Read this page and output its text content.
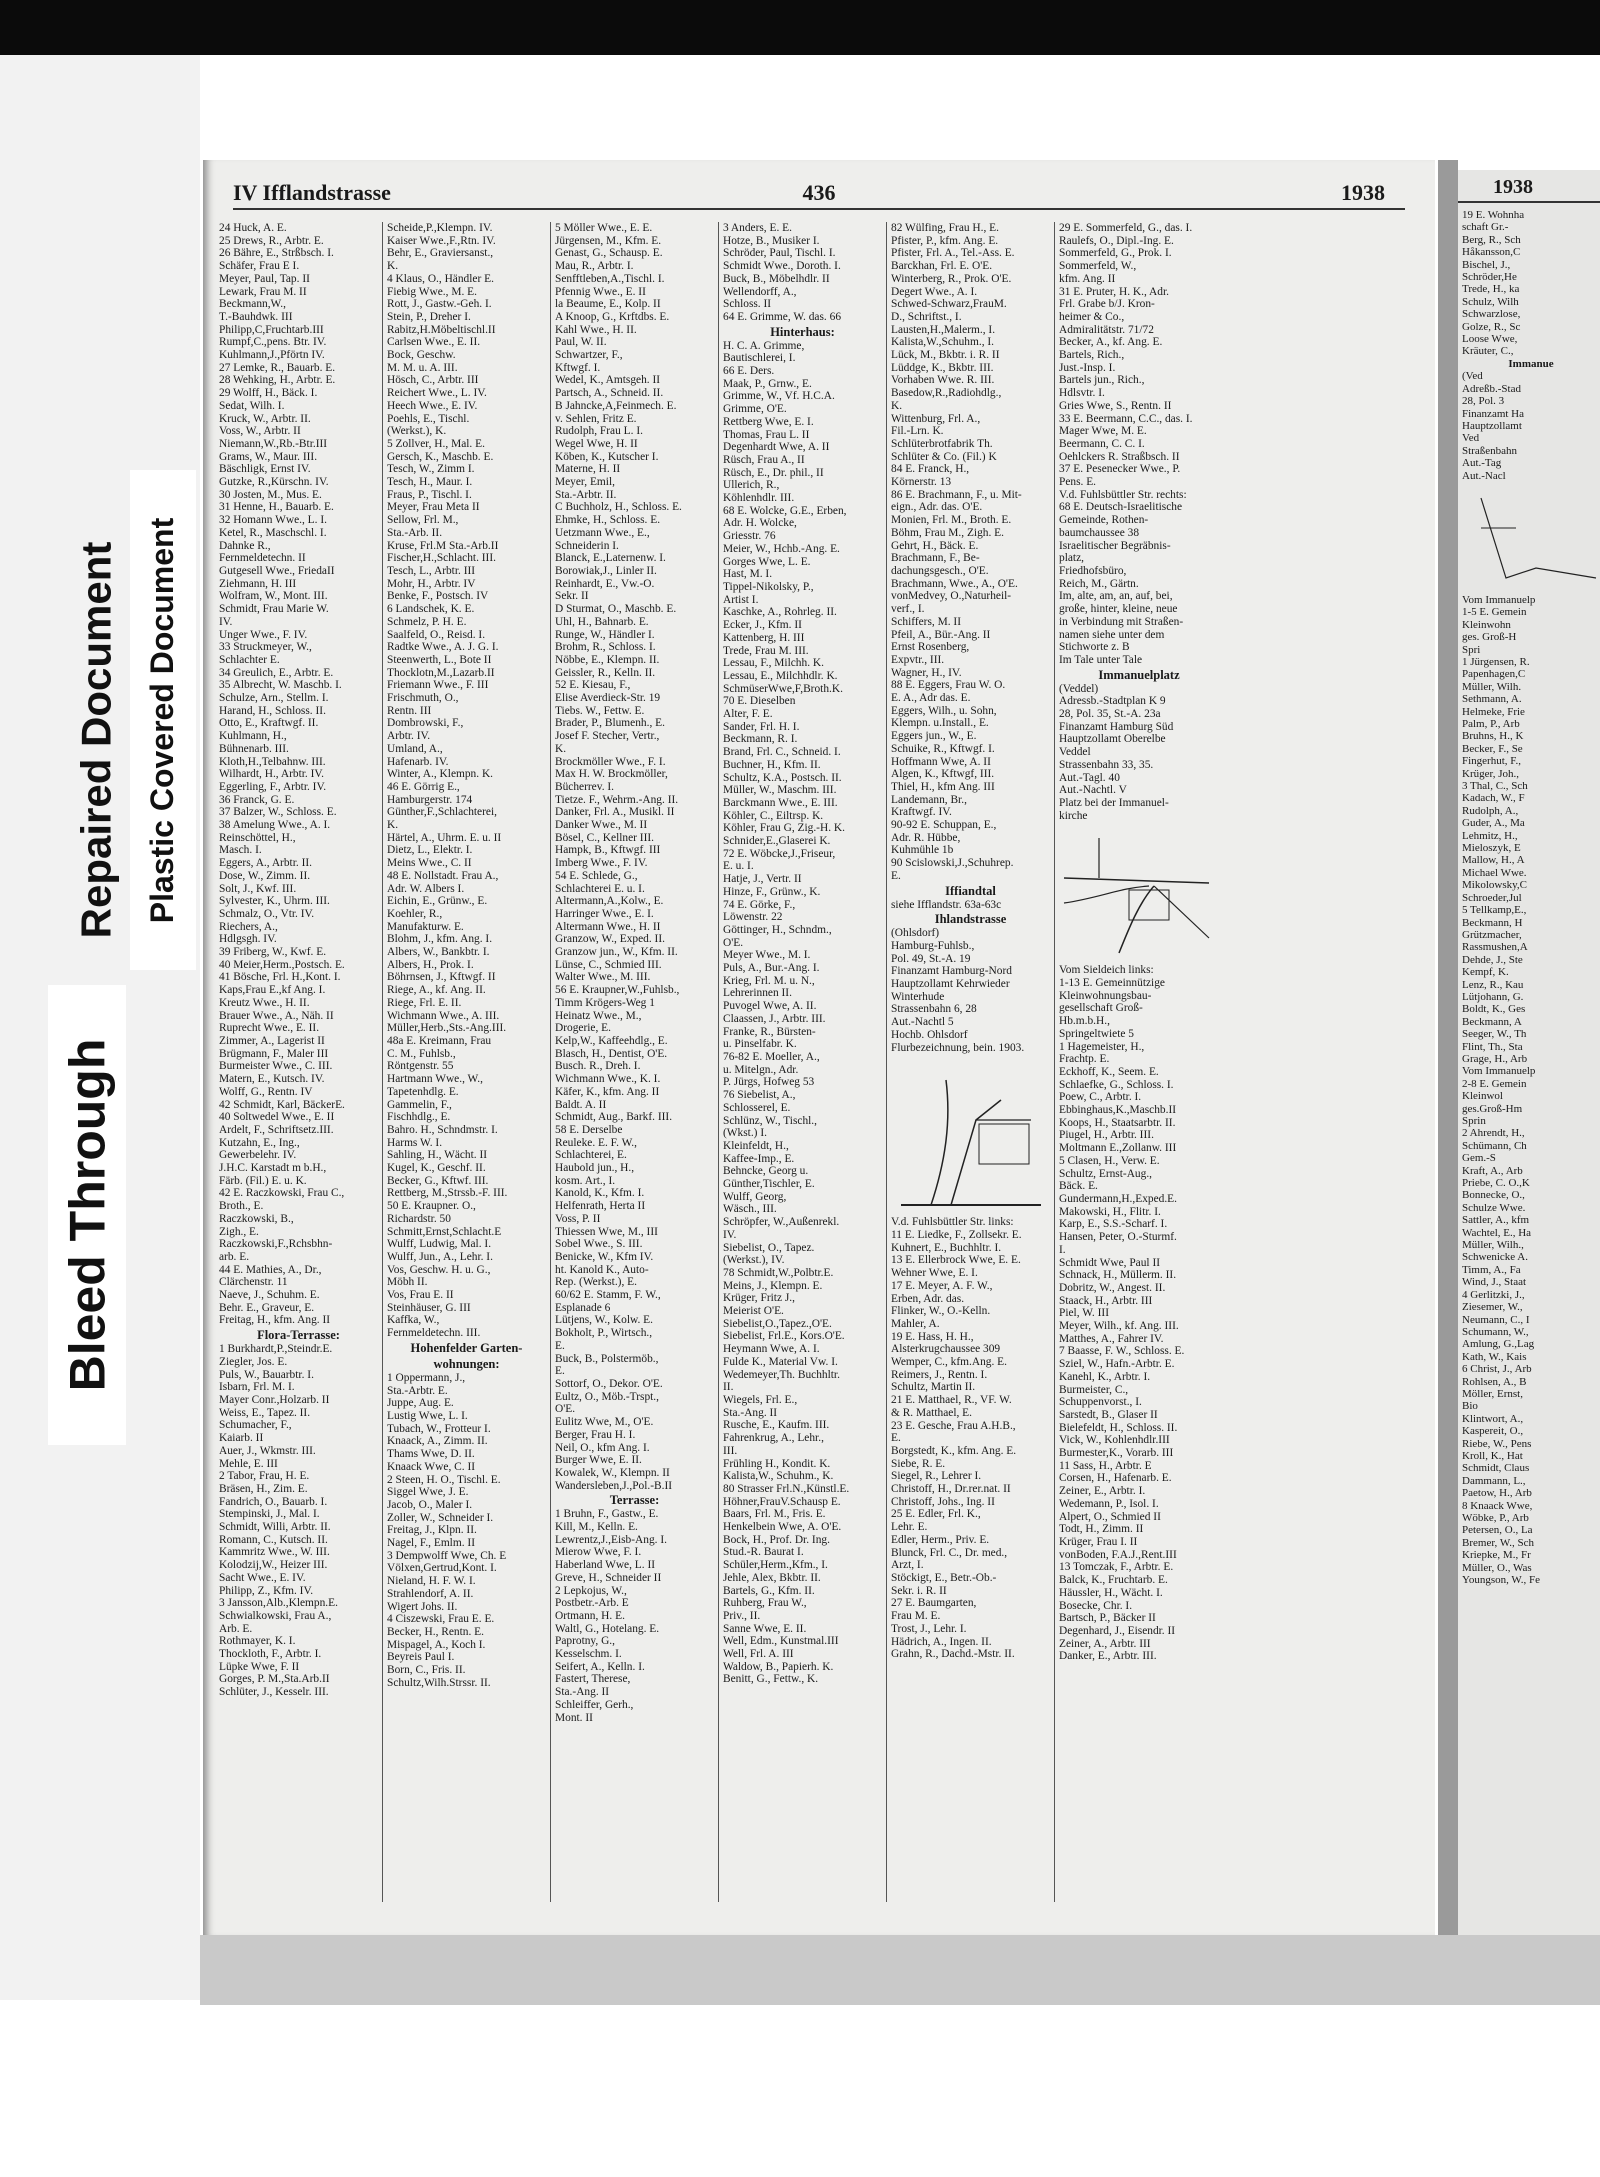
Bleed Through
Repaired Document Plastic Covered Document
IV Ifflandstrasse	436	1938
24 Huck, A. E.
25 Drews, R., Arbtr. E.
26 Bähre, E., Strßbsch. I.
Schäfer, Frau E I.
Meyer, Paul, Tap. II
Lewark, Frau M. II
Beckmann,W.,
T.-Bauhdwk. III
Philipp,C,Fruchtarb.III
Rumpf,C.,pens. Btr. IV.
Kuhlmann,J.,Pförtn IV.
27 Lemke, R., Bauarb. E.
28 Wehking, H., Arbtr. E.
29 Wolff, H., Bäck. I.
Sedat, Wilh. I.
Kruck, W., Arbtr. II.
Voss, W., Arbtr. II
Niemann,W.,Rb.-Btr.III
Grams, W., Maur. III.
Bäschligk, Ernst IV.
Gutzke, R.,Kürschn. IV.
30 Josten, M., Mus. E.
31 Henne, H., Bauarb. E.
32 Homann Wwe., L. I.
Ketel, R., Maschschl. I.
Dahnke R.,
Fernmeldetechn. II
Gutgesell Wwe., FriedaII
Ziehmann, H. III
Wolfram, W., Mont. III.
Schmidt, Frau Marie W.
IV.
Unger Wwe., F. IV.
33 Struckmeyer, W.,
Schlachter E.
34 Greulich, E., Arbtr. E.
35 Albrecht, W. Maschb. I.
Schulze, Arn., Stellm. I.
Harand, H., Schloss. II.
Otto, E., Kraftwgf. II.
Kuhlmann, H.,
Bühnenarb. III.
Kloth,H.,Telbahnw. III.
Wilhardt, H., Arbtr. IV.
Eggerling, F., Arbtr. IV.
36 Franck, G. E.
37 Balzer, W., Schloss. E.
38 Amelung Wwe., A. I.
Reinschöttel, H.,
Masch. I.
Eggers, A., Arbtr. II.
Dose, W., Zimm. II.
Solt, J., Kwf. III.
Sylvester, K., Uhrm. III.
Schmalz, O., Vtr. IV.
Riechers, A.,
Hdlgsgh. IV.
39 Friberg, W., Kwf. E.
40 Meier,Herm.,Postsch. E.
41 Bösche, Frl. H.,Kont. I.
Kaps,Frau E.,kf Ang. I.
Kreutz Wwe., H. II.
Brauer Wwe., A., Näh. II
Ruprecht Wwe., E. II.
Zimmer, A., Lagerist II
Brügmann, F., Maler III
Burmeister Wwe., C. III.
Matern, E., Kutsch. IV.
Wolff, G., Rentn. IV
42 Schmidt, Karl, BäckerE.
40 Soltwedel Wwe., E. II
Ardelt, F., Schriftsetz.III.
Kutzahn, E., Ing.,
Gewerbelehr. IV.
J.H.C. Karstadt m b.H.,
Färb. (Fil.) E. u. K.
42 E. Raczkowski, Frau C.,
Broth., E.
Raczkowski, B.,
Zigh., E.
Raczkowski,F.,Rchsbhn-
arb. E.
44 E. Mathies, A., Dr.,
Clärchenstr. 11
Naeve, J., Schuhm. E.
Behr. E., Graveur, E.
Freitag, H., kfm. Ang. II
Flora-Terrasse:
1 Burkhardt,P.,Steindr.E.
Ziegler, Jos. E.
Puls, W., Bauarbtr. I.
Isbarn, Frl. M. I.
Mayer Conr.,Holzarb. II
Weiss, E., Tapez. II.
Schumacher, F.,
Kaiarb. II
Auer, J., Wkmstr. III.
Mehle, E. III
2 Tabor, Frau, H. E.
Bräsen, H., Zim. E.
Fandrich, O., Bauarb. I.
Stempinski, J., Mal. I.
Schmidt, Willi, Arbtr. II.
Romann, C., Kutsch. II.
Kammritz Wwe., W. III.
Kolodzij,W., Heizer III.
Sacht Wwe., E. IV.
Philipp, Z., Kfm. IV.
3 Jansson,Alb.,Klempn.E.
Schwialkowski, Frau A.,
Arb. E.
Rothmayer, K. I.
Thockloth, F., Arbtr. I.
Lüpke Wwe, F. II
Gorges, P. M.,Sta.Arb.II
Schlüter, J., Kesselr. III.
Scheide,P.,Klempn. IV.
Kaiser Wwe.,F.,Rtn. IV.
Behr, E., Graviersanst.,
K.
4 Klaus, O., Händler E.
Fiebig Wwe., M. E.
Rott, J., Gastw.-Geh. I.
Stein, P., Dreher I.
Rabitz,H.Möbeltischl.II
Carlsen Wwe., E. II.
Bock, Geschw.
M. M. u. A. III.
Hösch, C., Arbtr. III
Reichert Wwe., L. IV.
Heech Wwe., E. IV.
Poehls, E., Tischl.
(Werkst.), K.
5 Zollver, H., Mal. E.
Gersch, K., Maschb. E.
Tesch, W., Zimm I.
Tesch, H., Maur. I.
Fraus, P., Tischl. I.
Meyer, Frau Meta II
Sellow, Frl. M.,
Sta.-Arb. II.
Kruse, Frl.M Sta.-Arb.II
Fischer,H.,Schlacht. III.
Tesch, L., Arbtr. III
Mohr, H., Arbtr. IV
Benke, F., Postsch. IV
6 Landschek, K. E.
Schmelz, P. H. E.
Saalfeld, O., Reisd. I.
Radtke Wwe., A. J. G. I.
Steenwerth, L., Bote II
Thocklotn,M.,Lazarb.II
Friemann Wwe., F. III
Frischmuth, O.,
Rentn. III
Dombrowski, F.,
Arbtr. IV.
Umland, A.,
Hafenarb. IV.
Winter, A., Klempn. K.
46 E. Görrig E.,
Hamburgerstr. 174
Günther,F.,Schlachterei,
K.
Härtel, A., Uhrm. E. u. II
Dietz, L., Elektr. I.
Meins Wwe., C. II
48 E. Nollstadt. Frau A.,
Adr. W. Albers I.
Eichin, E., Grünw., E.
Koehler, R.,
Manufakturw. E.
Blohm, J., kfm. Ang. I.
Albers, W., Bankbtr. I.
Albers, H., Prok. I.
Böhrnsen, J., Kftwgf. II
Riege, A., kf. Ang. II.
Riege, Frl. E. II.
Wichmann Wwe., A. III.
Müller,Herb.,Sts.-Ang.III.
48a E. Kreimann, Frau
C. M., Fuhlsb.,
Röntgenstr. 55
Hartmann Wwe., W.,
Tapetenhdlg. E.
Gammelin, F.,
Fischhdlg., E.
Bahro. H., Schndmstr. I.
Harms W. I.
Sahling, H., Wächt. II
Kugel, K., Geschf. II.
Becker, G., Kftwf. III.
Rettberg, M.,Strssb.-F. III.
50 E. Kraupner. O.,
Richardstr. 50
Schmitt,Ernst,Schlacht.E
Wulff, Ludwig, Mal. I.
Wulff, Jun., A., Lehr. I.
Vos, Geschw. H. u. G.,
Möbh II.
Vos, Frau E. II
Steinhäuser, G. III
Kaffka, W.,
Fernmeldetechn. III.
Hohenfelder Garten-
wohnungen:
1 Oppermann, J.,
Sta.-Arbtr. E.
Juppe, Aug. E.
Lustig Wwe, L. I.
Tubach, W., Frotteur I.
Knaack, A., Zimm. II.
Thams Wwe, D. II.
Knaack Wwe, C. II
2 Steen, H. O., Tischl. E.
Siggel Wwe, J. E.
Jacob, O., Maler I.
Zoller, W., Schneider I.
Freitag, J., Klpn. II.
Nagel, F., Emlm. II
3 Dempwolff Wwe, Ch. E
Völxen,Gertrud,Kont. I.
Nieland, H. F. W. I.
Strahlendorf, A. II.
Wigert Johs. II.
4 Ciszewski, Frau E. E.
Becker, H., Rentn. E.
Mispagel, A., Koch I.
Beyreis Paul I.
Born, C., Fris. II.
Schultz,Wilh.Strssr. II.
5 Möller Wwe., E. E.
Jürgensen, M., Kfm. E.
Genast, G., Schausp. E.
Mau, R., Arbtr. I.
Senfftleben,A.,Tischl. I.
Pfennig Wwe., E. II
la Beaume, E., Kolp. II
A Knoop, G., Krftdbs. E.
Kahl Wwe., H. II.
Paul, W. II.
Schwartzer, F.,
Kftwgf. I.
Wedel, K., Amtsgeh. II
Partsch, A., Schneid. II.
B Jahncke,A,Feinmech. E.
v. Sehlen, Fritz E.
Rudolph, Frau L. I.
Wegel Wwe, H. II
Köben, K., Kutscher I.
Materne, H. II
Meyer, Emil,
Sta.-Arbtr. II.
C Buchholz, H., Schloss. E.
Ehmke, H., Schloss. E.
Uetzmann Wwe., E.,
Schneiderin I.
Blanck, E.,Laternenw. I.
Borowiak,J., Linler II.
Reinhardt, E., Vw.-O.
Sekr. II
D Sturmat, O., Maschb. E.
Uhl, H., Bahnarb. E.
Runge, W., Händler I.
Brohm, R., Schloss. I.
Nöbbe, E., Klempn. II.
Geissler, R., Kelln. II.
52 E. Kiesau, F.,
Elise Averdieck-Str. 19
Tiebs. W., Fettw. E.
Brader, P., Blumenh., E.
Josef F. Stecher, Vertr.,
K.
Brockmöller Wwe., F. I.
Max H. W. Brockmöller,
Bücherrev. I.
Tietze. F., Wehrm.-Ang. II.
Danker, Frl. A., Musikl. II
Danker Wwe., M. II
Bösel, C., Kellner III.
Hampk, B., Kftwgf. III
Imberg Wwe., F. IV.
54 E. Schlede, G.,
Schlachterei E. u. I.
Altermann,A.,Kolw., E.
Harringer Wwe., E. I.
Altermann Wwe., H. II
Granzow, W., Exped. II.
Granzow jun., W., Kfm. II.
Lünse, C., Schmied III.
Walter Wwe., M. III.
56 E. Kraupner,W.,Fuhlsb.,
Timm Krögers-Weg 1
Heinatz Wwe., M.,
Drogerie, E.
Kelp,W., Kaffeehdlg., E.
Blasch, H., Dentist, O'E.
Busch. R., Dreh. I.
Wichmann Wwe., K. I.
Käfer, K., kfm. Ang. II
Baldt. A. II
Schmidt, Aug., Barkf. III.
58 E. Derselbe
Reuleke. E. F. W.,
Schlachterei, E.
Haubold jun., H.,
kosm. Art., I.
Kanold, K., Kfm. I.
Helfenrath, Herta II
Voss, P. II
Thiessen Wwe, M., III
Sobel Wwe., S. III.
Benicke, W., Kfm IV.
ht. Kanold K., Auto-
Rep. (Werkst.), E.
60/62 E. Stamm, F. W.,
Esplanade 6
Lütjens, W., Kolw. E.
Bokholt, P., Wirtsch.,
E.
Buck, B., Polstermöb.,
E.
Sottorf, O., Dekor. O'E.
Eultz, O., Möb.-Trspt.,
O'E.
Eulitz Wwe, M., O'E.
Berger, Frau H. I.
Neil, O., kfm Ang. I.
Burger Wwe, E. II.
Kowalek, W., Klempn. II
Wandersleben,J.,Pol.-B.II
Terrasse:
1 Bruhn, F., Gastw., E.
Kill, M., Kelln. E.
Lewrentz,J.,Eisb-Ang. I.
Mierow Wwe, F. I.
Haberland Wwe, L. II
Greve, H., Schneider II
2 Lepkojus, W.,
Postbetr.-Arb. E
Ortmann, H. E.
Waltl, G., Hotelang. E.
Paprotny, G.,
Kesselschm. I.
Seifert, A., Kelln. I.
Fastert, Therese,
Sta.-Ang. II
Schleiffer, Gerh.,
Mont. II
3 Anders, E. E.
Hotze, B., Musiker I.
Schröder, Paul, Tischl. I.
Schmidt Wwe., Doroth. I.
Buck, B., Möbelhdlr. II
Wellendorff, A.,
Schloss. II
64 E. Grimme, W. das. 66
Hinterhaus:
H. C. A. Grimme,
Bautischlerei, I.
66 E. Ders.
Maak, P., Grnw., E.
Grimme, W., Vf. H.C.A.
Grimme, O'E.
Rettberg Wwe, E. I.
Thomas, Frau L. II
Degenhardt Wwe, A. II
Rüsch, Frau A., II
Rüsch, E., Dr. phil., II
Ullerich, R.,
Köhlenhdlr. III.
68 E. Wolcke, G.E., Erben,
Adr. H. Wolcke,
Griesstr. 76
Meier, W., Hchb.-Ang. E.
Gorges Wwe, L. E.
Hast, M. I.
Tippel-Nikolsky, P.,
Artist I.
Kaschke, A., Rohrleg. II.
Ecker, J., Kfm. II
Kattenberg, H. III
Trede, Frau M. III.
Lessau, F., Milchh. K.
Lessau, E., Milchhdlr. K.
SchmüserWwe,F,Broth.K.
70 E. Dieselben
Alter, F. E.
Sander, Frl. H. I.
Beckmann, R. I.
Brand, Frl. C., Schneid. I.
Buchner, H., Kfm. II.
Schultz, K.A., Postsch. II.
Müller, W., Maschm. III.
Barckmann Wwe., E. III.
Köhler, C., Eiltrsp. K.
Köhler, Frau G, Zig.-H. K.
Schnider,E.,Glaserei K.
72 E. Wöbcke,J.,Friseur,
E. u. I.
Hatje, J., Vertr. II
Hinze, F., Grünw., K.
74 E. Görke, F.,
Löwenstr. 22
Göttinger, H., Schndm.,
O'E.
Meyer Wwe., M. I.
Puls, A., Bur.-Ang. I.
Krieg, Frl. M. u. N.,
Lehrerinnen II.
Puvogel Wwe, A. II.
Claassen, J., Arbtr. III.
Franke, R., Bürsten-
u. Pinselfabr. K.
76-82 E. Moeller, A.,
u. Mitelgn., Adr.
P. Jürgs, Hofweg 53
76 Siebelist, A.,
Schlosserel, E.
Schlünz, W., Tischl.,
(Wkst.) I.
Kleinfeldt, H.,
Kaffee-Imp., E.
Behncke, Georg u.
Günther,Tischler, E.
Wulff, Georg,
Wäsch., III.
Schröpfer, W.,Außenrekl.
IV.
Siebelist, O., Tapez.
(Werkst.), IV.
78 Schmidt,W.,Polbtr.E.
Meins, J., Klempn. E.
Krüger, Fritz J.,
Meierist O'E.
Siebelist,O.,Tapez.,O'E.
Siebelist, Frl.E., Kors.O'E.
Heymann Wwe, A. I.
Fulde K., Material Vw. I.
Wedemeyer,Th. Buchhltr.
II.
Wiegels, Frl. E.,
Sta.-Ang. II
Rusche, E., Kaufm. III.
Fahrenkrug, A., Lehr.,
III.
Frühling H., Kondit. K.
Kalista,W., Schuhm., K.
80 Strasser Frl.N.,Künstl.E.
Höhner,FrauV.Schausp E.
Baars, Frl. M., Fris. E.
Henkelbein Wwe, A. O'E.
Bock, H., Prof. Dr. Ing.
Stud.-R. Baurat I.
Schüler,Herm.,Kfm., I.
Jehle, Alex, Bkbtr. II.
Bartels, G., Kfm. II.
Ruhberg, Frau W.,
Priv., II.
Sanne Wwe, E. II.
Well, Edm., Kunstmal.III
Well, Frl. A. III
Waldow, B., Papierh. K.
Benitt, G., Fettw., K.
82 Wülfing, Frau H., E.
Pfister, P., kfm. Ang. E.
Pfister, Frl. A., Tel.-Ass. E.
Barckhan, Frl. E. O'E.
Winterberg, R., Prok. O'E.
Degert Wwe., A. I.
Schwed-Schwarz,FrauM.
D., Schriftst., I.
Lausten,H.,Malerm., I.
Kalista,W.,Schuhm., I.
Lück, M., Bkbtr. i. R. II
Lüddge, K., Bkbtr. III.
Vorhaben Wwe. R. III.
Basedow,R.,Radiohdlg.,
K.
Wittenburg, Frl. A.,
Fil.-Lrn. K.
Schlüterbrotfabrik Th.
Schlüter & Co. (Fil.) K
84 E. Franck, H.,
Körnerstr. 13
86 E. Brachmann, F., u. Mit-
eign., Adr. das. O'E.
Monien, Frl. M., Broth. E.
Böhm, Frau M., Zigh. E.
Gehrt, H., Bäck. E.
Brachmann, F., Be-
dachungsgesch., O'E.
Brachmann, Wwe., A., O'E.
vonMedvey, O.,Naturheil-
verf., I.
Schiffers, M. II
Pfeil, A., Bür.-Ang. II
Ernst Rosenberg,
Expvtr., III.
Wagner, H., IV.
88 E. Eggers, Frau W. O.
E. A., Adr das. E.
Eggers, Wilh., u. Sohn,
Klempn. u.Install., E.
Eggers jun., W., E.
Schuike, R., Kftwgf. I.
Hoffmann Wwe, A. II
Algen, K., Kftwgf, III.
Thiel, H., kfm Ang. III
Landemann, Br.,
Kraftwgf. IV.
90-92 E. Schuppan, E.,
Adr. R. Hübbe,
Kuhmühle 1b
90 Scislowski,J.,Schuhrep.
E.
Iffiandtal
siehe Ifflandstr. 63a-63c
Ihlandstrasse
(Ohlsdorf)
Hamburg-Fuhlsb.,
Pol. 49, St.-A. 19
Finanzamt Hamburg-Nord
Hauptzollamt Kehrwieder
Winterhude
Strassenbahn 6, 28
Aut.-Nachtl 5
Hochb. Ohlsdorf
Flurbezeichnung, bein. 1903.
V.d. Fuhlsbüttler Str. links:
11 E. Liedke, F., Zollsekr. E.
Kuhnert, E., Buchhltr. I.
13 E. Ellerbrock Wwe, E. E.
Wehner Wwe, E. I.
17 E. Meyer, A. F. W.,
Erben, Adr. das.
Flinker, W., O.-Kelln.
Mahler, A.
19 E. Hass, H. H.,
Alsterkrugchaussee 309
Wemper, C., kfm.Ang. E.
Reimers, J., Rentn. I.
Schultz, Martin II.
21 E. Matthael, R., VF. W.
& R. Matthael, E.
23 E. Gesche, Frau A.H.B.,
E.
Borgstedt, K., kfm. Ang. E.
Siebe, R. E.
Siegel, R., Lehrer I.
Christoff, H., Dr.rer.nat. II
Christoff, Johs., Ing. II
25 E. Edler, Frl. K.,
Lehr. E.
Edler, Herm., Priv. E.
Blunck, Frl. C., Dr. med.,
Arzt, I.
Stöckigt, E., Betr.-Ob.-
Sekr. i. R. II
27 E. Baumgarten,
Frau M. E.
Trost, J., Lehr. I.
Hädrich, A., Ingen. II.
Grahn, R., Dachd.-Mstr. II.
29 E. Sommerfeld, G., das. I.
Raulefs, O., Dipl.-Ing. E.
Sommerfeld, G., Prok. I.
Sommerfeld, W.,
kfm. Ang. II
31 E. Pruter, H. K., Adr.
Frl. Grabe b/J. Kron-
heimer & Co.,
Admiralitätstr. 71/72
Becker, A., kf. Ang. E.
Bartels, Rich.,
Just.-Insp. I.
Bartels jun., Rich.,
Hdlsvtr. I.
Gries Wwe, S., Rentn. II
33 E. Beermann, C.C., das. I.
Mager Wwe, M. E.
Beermann, C. C. I.
Oehlckers R. Straßbsch. II
37 E. Pesenecker Wwe., P.
Pens. E.
V.d. Fuhlsbüttler Str. rechts:
68 E. Deutsch-Israelitische
Gemeinde, Rothen-
baumchaussee 38
Israelitischer Begräbnis-
platz,
Friedhofsbüro,
Reich, M., Gärtn.
Im, alte, am, an, auf, bei,
große, hinter, kleine, neue
in Verbindung mit Straßen-
namen siehe unter dem
Stichworte z. B
Im Tale unter Tale
Immanuelplatz
(Veddel)
Adressb.-Stadtplan K 9
28, Pol. 35, St.-A. 23a
Finanzamt Hamburg Süd
Hauptzollamt Oberelbe
Veddel
Strassenbahn 33, 35.
Aut.-Tagl. 40
Aut.-Nachtl. V
Platz bei der Immanuel-
kirche
Vom Sieldeich links:
1-13 E. Gemeinnützige
Kleinwohnungsbau-
gesellschaft Groß-
Hb.m.b.H.,
Springeltwiete 5
1 Hagemeister, H.,
Frachtp. E.
Eckhoff, K., Seem. E.
Schlaefke, G., Schloss. I.
Poew, C., Arbtr. I.
Ebbinghaus,K.,Maschb.II
Koops, H., Staatsarbtr. II.
Piugel, H., Arbtr. III.
Moltmann E.,Zollanw. III
5 Clasen, H., Verw. E.
Schultz, Ernst-Aug.,
Bäck. E.
Gundermann,H.,Exped.E.
Makowski, H., Flitr. I.
Karp, E., S.S.-Scharf. I.
Hansen, Peter, O.-Sturmf.
I.
Schmidt Wwe, Paul II
Schnack, H., Müllerm. II.
Dobritz, W., Angest. II.
Staack, H., Arbtr. III
Piel, W. III
Meyer, Wilh., kf. Ang. III.
Matthes, A., Fahrer IV.
7 Baasse, F. W., Schloss. E.
Sziel, W., Hafn.-Arbtr. E.
Kanehl, K., Arbtr. I.
Burmeister, C.,
Schuppenvorst., I.
Sarstedt, B., Glaser II
Bielefeldt, H., Schloss. II.
Vick, W., Kohlenhdlr.III
Burmester,K., Vorarb. III
11 Sass, H., Arbtr. E
Corsen, H., Hafenarb. E.
Zeiner, E., Arbtr. I.
Wedemann, P., Isol. I.
Alpert, O., Schmied II
Todt, H., Zimm. II
Krüger, Frau I. II
vonBoden, F.A.J.,Rent.III
13 Tomczak, F., Arbtr. E.
Balck, K., Fruchtarb. E.
Häussler, H., Wächt. I.
Bosecke, Chr. I.
Bartsch, P., Bäcker II
Degenhard, J., Eisendr. II
Zeiner, A., Arbtr. III
Danker, E., Arbtr. III.
1938
19 E. Wohnha
schaft Gr.-
Berg, R., Sch
Håkansson,C
Bischel, J.,
Schröder,He
Trede, H., ka
Schulz, Wilh
Schwarzlose,
Golze, R., Sc
Loose Wwe,
Kräuter, C.,
Immanue
(Ved
Adreßb.-Stad
28, Pol. 3
Finanzamt Ha
Hauptzollamt
Ved
Straßenbahn
Aut.-Tag
Aut.-Nacl
Vom Immanuelp
1-5 E. Gemein
Kleinwohn
ges. Groß-H
Spri
1 Jürgensen, R.
Papenhagen,C
Müller, Wilh.
Sethmann, A.
Helmeke, Frie
Palm, P., Arb
Bruhns, H., K
Becker, F., Se
Fingerhut, F.,
Krüger, Joh.,
3 Thal, C., Sch
Kadach, W., F
Rudolph, A.,
Guder, A., Ma
Lehmitz, H.,
Mieloszyk, E
Mallow, H., A
Michael Wwe.
Mikolowsky,C
Schroeder,Jul
5 Tellkamp,E.,
Beckmann, H
Grützmacher,
Rassmushen,A
Dehde, J., Ste
Kempf, K.
Lenz, R., Kau
Lütjohann, G.
Boldt, K., Ges
Beckmann, A
Seeger, W., Th
Flint, Th., Sta
Grage, H., Arb
Vom Immanuelp
2-8 E. Gemein
Kleinwol
ges.Groß-Hm
Sprin
2 Ahrendt, H.,
Schümann, Ch
Gem.-S
Kraft, A., Arb
Priebe, C. O.,K
Bonnecke, O.,
Schulze Wwe.
Sattler, A., kfm
Wachtel, E., Ha
Müller, Wilh.,
Schwenicke A.
Timm, A., Fa
Wind, J., Staat
4 Gerlitzki, J.,
Ziesemer, W.,
Neumann, C., I
Schumann, W.,
Amlung, G.,Lag
Kath, W., Kais
6 Christ, J., Arb
Rohlsen, A., B
Möller, Ernst,
Bio
Klintwort, A.,
Kaspereit, O.,
Riebe, W., Pens
Kroll, K., Hat
Schmidt, Claus
Dammann, L.,
Paetow, H., Arb
8 Knaack Wwe,
Wöbke, P., Arb
Petersen, O., La
Bremer, W., Sch
Kriepke, M., Fr
Müller, O., Was
Youngson, W., Fe
